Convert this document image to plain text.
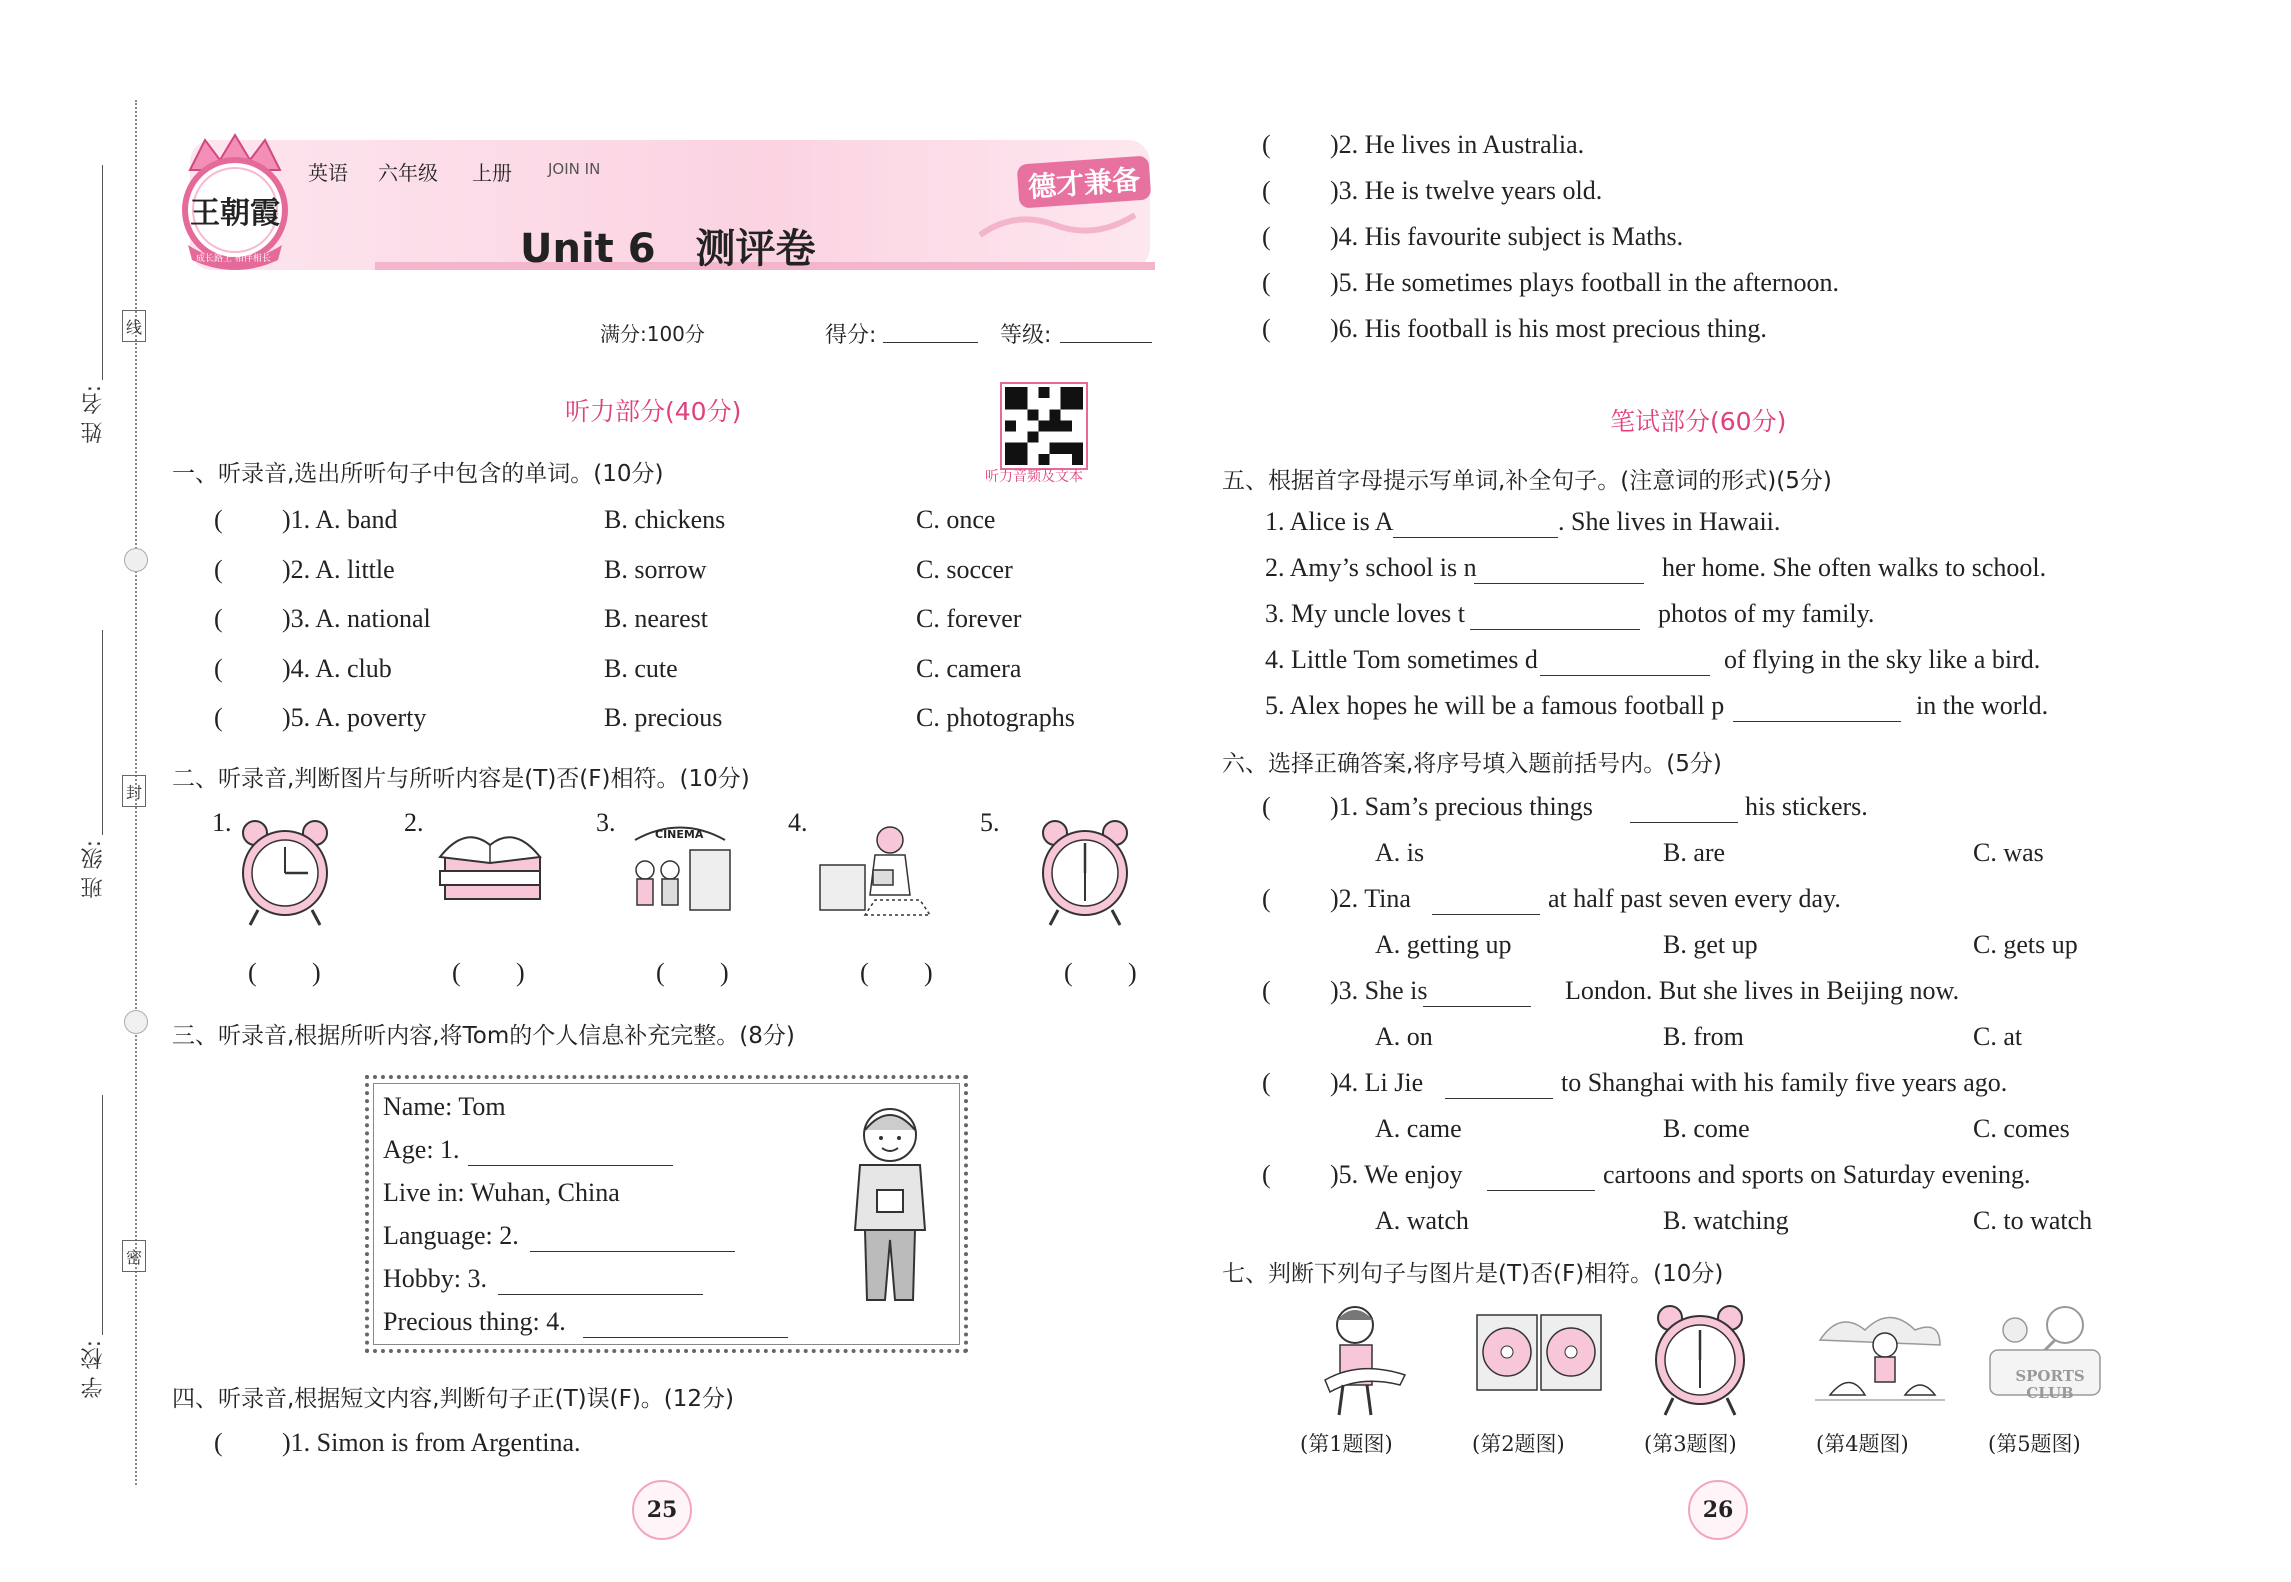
姓 名:
班 级:
学 校:
线
封
密
王朝霞
成长路上 相伴相长
英语 六年级 上册 JOIN IN	德才兼备
Unit 6　测评卷
满分:100分	得分:	等级:
听力部分(40分)
听力音频及文本
一、听录音,选出所听句子中包含的单词。(10分)
二、听录音,判断图片与所听内容是(T)否(F)相符。(10分)
三、听录音,根据所听内容,将Tom的个人信息补充完整。(8分)
四、听录音,根据短文内容,判断句子正(T)误(F)。(12分)
笔试部分(60分)
五、根据首字母提示写单词,补全句子。(注意词的形式)(5分)
六、选择正确答案,将序号填入题前括号内。(5分)
七、判断下列句子与图片是(T)否(F)相符。(10分)
25	26
( )1. A. band	B. chickens	C. once
( )2. A. little	B. sorrow	C. soccer
( )3. A. national	B. nearest	C. forever
( )4. A. club	B. cute	C. camera
( )5. A. poverty	B. precious	C. photographs
1.
( )
2.
( )
3.
( )
4.
( )
5.
( )
CINEMA
Name: Tom
Age: 1.
Live in: Wuhan, China
Language: 2.
Hobby: 3.
Precious thing: 4.
( )1. Simon is from Argentina.
( )2. He lives in Australia.
( )3. He is twelve years old.
( )4. His favourite subject is Maths.
( )5. He sometimes plays football in the afternoon.
( )6. His football is his most precious thing.
1. Alice is A	. She lives in Hawaii.
2. Amy’s school is n	her home. She often walks to school.
3. My uncle loves t	photos of my family.
4. Little Tom sometimes d	of flying in the sky like a bird.
5. Alex hopes he will be a famous football p	in the world.
( )1. Sam’s precious things	his stickers.
A. is	B. are	C. was
( )2. Tina	at half past seven every day.
A. getting up	B. get up	C. gets up
( )3. She is	London. But she lives in Beijing now.
A. on	B. from	C. at
( )4. Li Jie	to Shanghai with his family five years ago.
A. came	B. come	C. comes
( )5. We enjoy	cartoons and sports on Saturday evening.
A. watch	B. watching	C. to watch
(第1题图)	(第2题图)	(第3题图)	(第4题图)	(第5题图)
SPORTS CLUB
